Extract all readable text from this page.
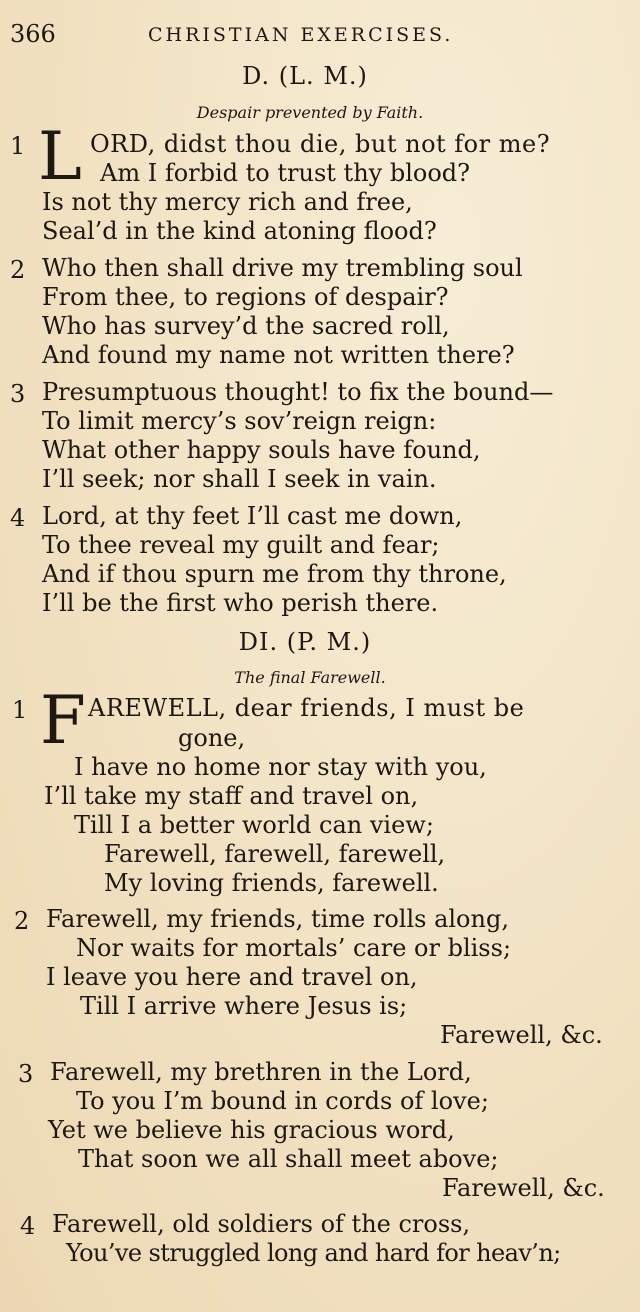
366	CHRISTIAN EXERCISES.
D. (L. M.)
Despair prevented by Faith.
1 L ORD, didst thou die, but not for me?
Am I forbid to trust thy blood?
Is not thy mercy rich and free,
Seal’d in the kind atoning flood?
2 Who then shall drive my trembling soul
From thee, to regions of despair?
Who has survey’d the sacred roll,
And found my name not written there?
3 Presumptuous thought! to fix the bound—
To limit mercy’s sov’reign reign:
What other happy souls have found,
I’ll seek; nor shall I seek in vain.
4 Lord, at thy feet I’ll cast me down,
To thee reveal my guilt and fear;
And if thou spurn me from thy throne,
I’ll be the first who perish there.
DI. (P. M.)
The final Farewell.
1 F AREWELL, dear friends, I must be
gone,
I have no home nor stay with you,
I’ll take my staff and travel on,
Till I a better world can view;
Farewell, farewell, farewell,
My loving friends, farewell.
2 Farewell, my friends, time rolls along,
Nor waits for mortals’ care or bliss;
I leave you here and travel on,
Till I arrive where Jesus is;
Farewell, &c.
3 Farewell, my brethren in the Lord,
To you I’m bound in cords of love;
Yet we believe his gracious word,
That soon we all shall meet above;
Farewell, &c.
4 Farewell, old soldiers of the cross,
You’ve struggled long and hard for heav’n;
